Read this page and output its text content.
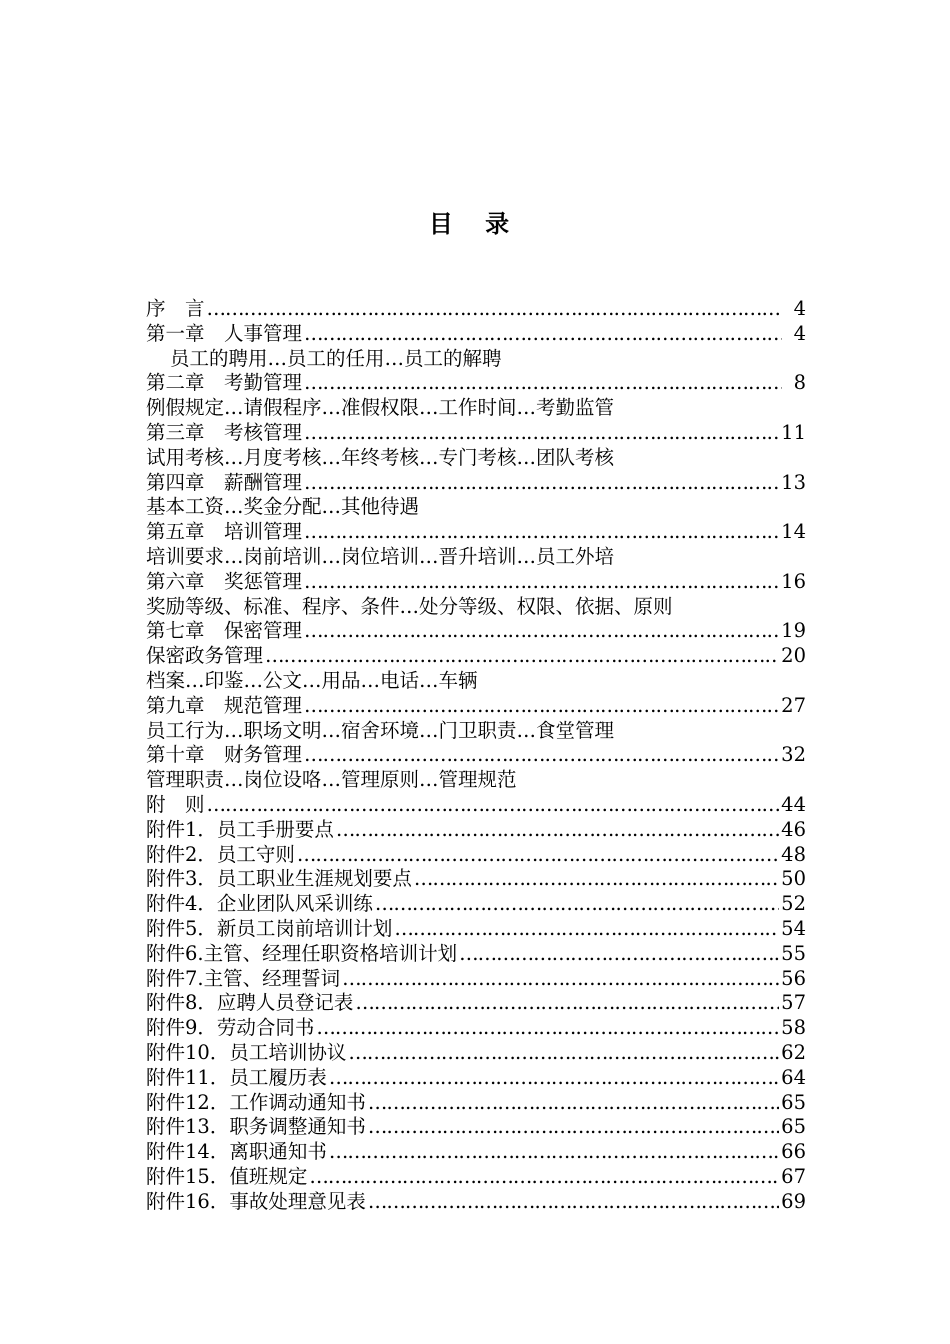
目 录
序　言 …………………………………………………………………………………………………………………………………………	4
第一章　人事管理 …………………………………………………………………………………………………………………………………………	4
员工的聘用…员工的任用…员工的解聘
第二章　考勤管理 …………………………………………………………………………………………………………………………………………	8
例假规定…请假程序…准假权限…工作时间…考勤监管
第三章　考核管理 …………………………………………………………………………………………………………………………………………	11
试用考核…月度考核…年终考核…专门考核…团队考核
第四章　薪酬管理 …………………………………………………………………………………………………………………………………………	13
基本工资…奖金分配…其他待遇
第五章　培训管理 …………………………………………………………………………………………………………………………………………	14
培训要求…岗前培训…岗位培训…晋升培训…员工外培
第六章　奖惩管理 …………………………………………………………………………………………………………………………………………	16
奖励等级、标准、程序、条件…处分等级、权限、依据、原则
第七章　保密管理 …………………………………………………………………………………………………………………………………………	19
保密政务管理 …………………………………………………………………………………………………………………………………………	20
档案…印鉴…公文…用品…电话…车辆
第九章　规范管理 …………………………………………………………………………………………………………………………………………	27
员工行为…职场文明…宿舍环境…门卫职责…食堂管理
第十章　财务管理 …………………………………………………………………………………………………………………………………………	32
管理职责…岗位设咯…管理原则…管理规范
附　则 …………………………………………………………………………………………………………………………………………	44
附件1．员工手册要点 …………………………………………………………………………………………………………………………………………	46
附件2．员工守则 …………………………………………………………………………………………………………………………………………	48
附件3．员工职业生涯规划要点 …………………………………………………………………………………………………………………………………………	50
附件4．企业团队风采训练 …………………………………………………………………………………………………………………………………………	52
附件5．新员工岗前培训计划 …………………………………………………………………………………………………………………………………………	54
附件6.主管、经理任职资格培训计划 …………………………………………………………………………………………………………………………………………	55
附件7.主管、经理誓词 …………………………………………………………………………………………………………………………………………	56
附件8．应聘人员登记表 …………………………………………………………………………………………………………………………………………	57
附件9．劳动合同书 …………………………………………………………………………………………………………………………………………	58
附件10．员工培训协议 …………………………………………………………………………………………………………………………………………	62
附件11．员工履历表 …………………………………………………………………………………………………………………………………………	64
附件12．工作调动通知书 …………………………………………………………………………………………………………………………………………	65
附件13．职务调整通知书 …………………………………………………………………………………………………………………………………………	65
附件14．离职通知书 …………………………………………………………………………………………………………………………………………	66
附件15．值班规定 …………………………………………………………………………………………………………………………………………	67
附件16．事故处理意见表 …………………………………………………………………………………………………………………………………………	69
